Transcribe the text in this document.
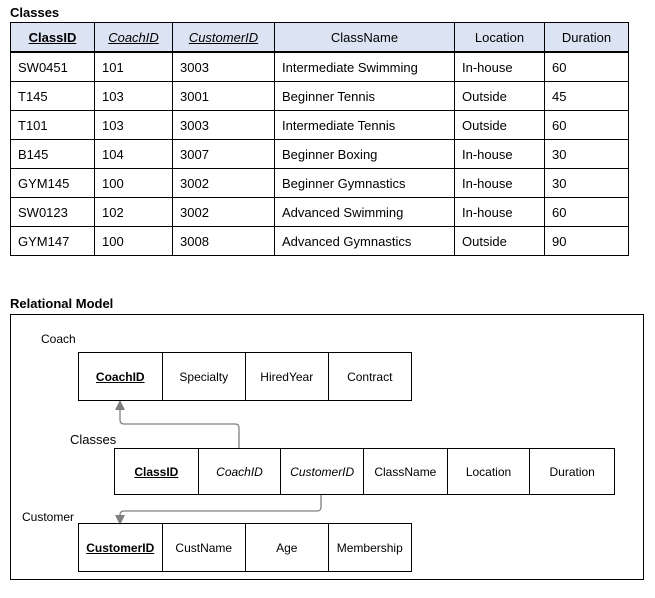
Classes
ClassID	CoachID	CustomerID	ClassName	Location	Duration
SW0451	101	3003	Intermediate Swimming	In-house	60
T145	103	3001	Beginner Tennis	Outside	45
T101	103	3003	Intermediate Tennis	Outside	60
B145	104	3007	Beginner Boxing	In-house	30
GYM145	100	3002	Beginner Gymnastics	In-house	30
SW0123	102	3002	Advanced Swimming	In-house	60
GYM147	100	3008	Advanced Gymnastics	Outside	90
Relational Model
Coach
CoachID	Specialty	HiredYear	Contract
Classes
ClassID	CoachID	CustomerID	ClassName	Location	Duration
Customer
CustomerID	CustName	Age	Membership
